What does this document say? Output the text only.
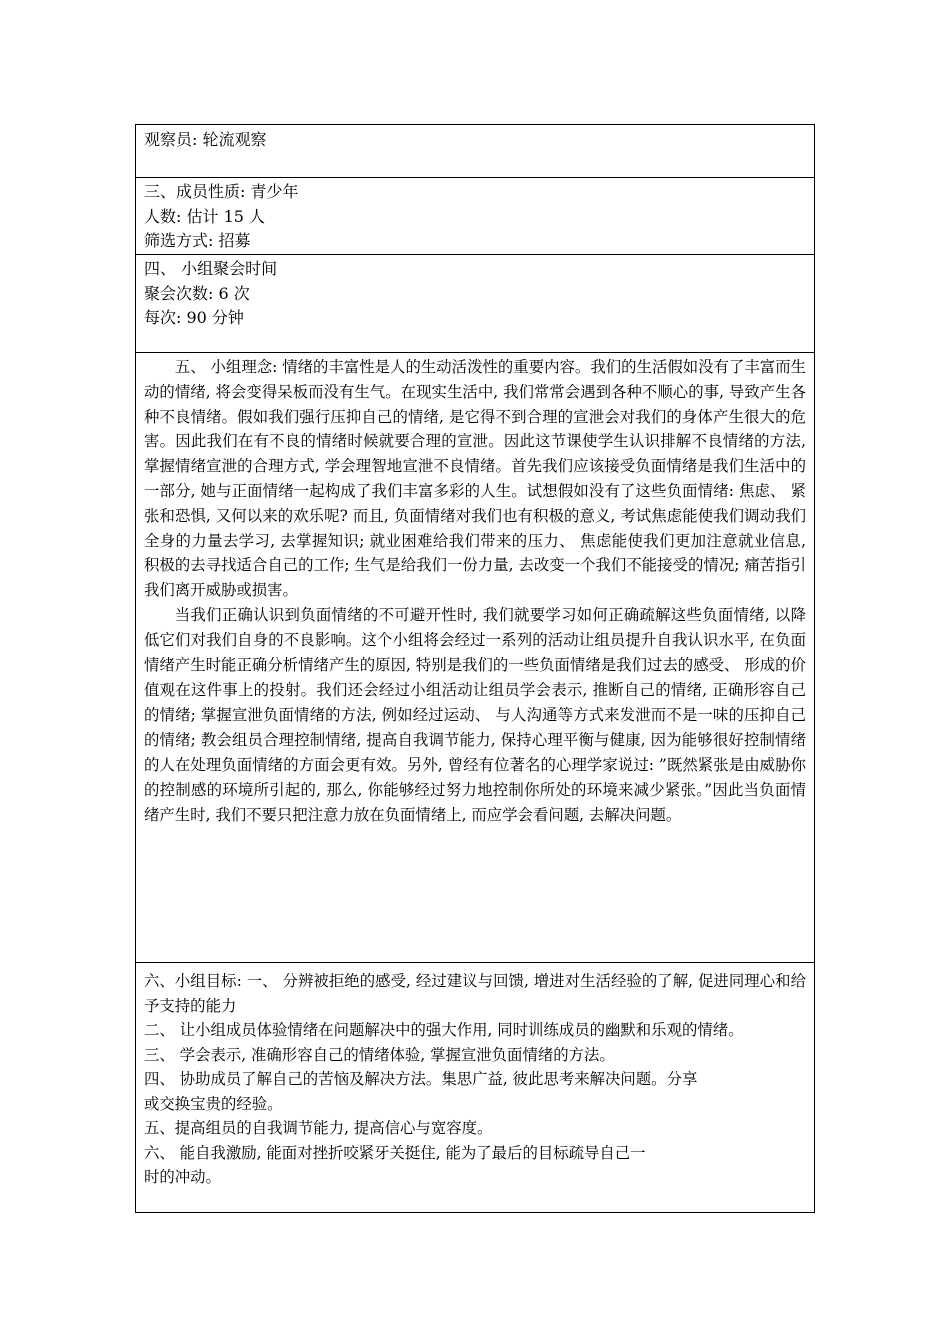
观察员: 轮流观察
三、成员性质: 青少年
人数: 估计 15 人
筛选方式: 招募
四、 小组聚会时间
聚会次数: 6 次
每次: 90 分钟

五、 小组理念: 情绪的丰富性是人的生动活泼性的重要内容。我们的生活假如没有了丰富而生动的情绪, 将会变得呆板而没有生气。在现实生活中, 我们常常会遇到各种不顺心的事, 导致产生各种不良情绪。假如我们强行压抑自己的情绪, 是它得不到合理的宣泄会对我们的身体产生很大的危害。因此我们在有不良的情绪时候就要合理的宣泄。因此这节课使学生认识排解不良情绪的方法, 掌握情绪宣泄的合理方式, 学会理智地宣泄不良情绪。首先我们应该接受负面情绪是我们生活中的一部分, 她与正面情绪一起构成了我们丰富多彩的人生。试想假如没有了这些负面情绪: 焦虑、 紧张和恐惧, 又何以来的欢乐呢? 而且, 负面情绪对我们也有积极的意义, 考试焦虑能使我们调动我们全身的力量去学习, 去掌握知识; 就业困难给我们带来的压力、 焦虑能使我们更加注意就业信息, 积极的去寻找适合自己的工作; 生气是给我们一份力量, 去改变一个我们不能接受的情况; 痛苦指引我们离开威胁或损害。

当我们正确认识到负面情绪的不可避开性时, 我们就要学习如何正确疏解这些负面情绪, 以降低它们对我们自身的不良影响。这个小组将会经过一系列的活动让组员提升自我认识水平, 在负面情绪产生时能正确分析情绪产生的原因, 特别是我们的一些负面情绪是我们过去的感受、 形成的价值观在这件事上的投射。我们还会经过小组活动让组员学会表示, 推断自己的情绪, 正确形容自己的情绪; 掌握宣泄负面情绪的方法, 例如经过运动、 与人沟通等方式来发泄而不是一味的压抑自己的情绪; 教会组员合理控制情绪, 提高自我调节能力, 保持心理平衡与健康, 因为能够很好控制情绪的人在处理负面情绪的方面会更有效。另外, 曾经有位著名的心理学家说过: ”既然紧张是由威胁你的控制感的环境所引起的, 那么, 你能够经过努力地控制你所处的环境来减少紧张。”因此当负面情绪产生时, 我们不要只把注意力放在负面情绪上, 而应学会看问题, 去解决问题。

六、小组目标: 一、 分辨被拒绝的感受, 经过建议与回馈, 增进对生活经验的了解, 促进同理心和给予支持的能力

二、 让小组成员体验情绪在问题解决中的强大作用, 同时训练成员的幽默和乐观的情绪。

三、 学会表示, 准确形容自己的情绪体验, 掌握宣泄负面情绪的方法。

四、 协助成员了解自己的苦恼及解决方法。集思广益, 彼此思考来解决问题。分享

或交换宝贵的经验。

五、提高组员的自我调节能力, 提高信心与宽容度。

六、 能自我激励, 能面对挫折咬紧牙关挺住, 能为了最后的目标疏导自己一

时的冲动。
